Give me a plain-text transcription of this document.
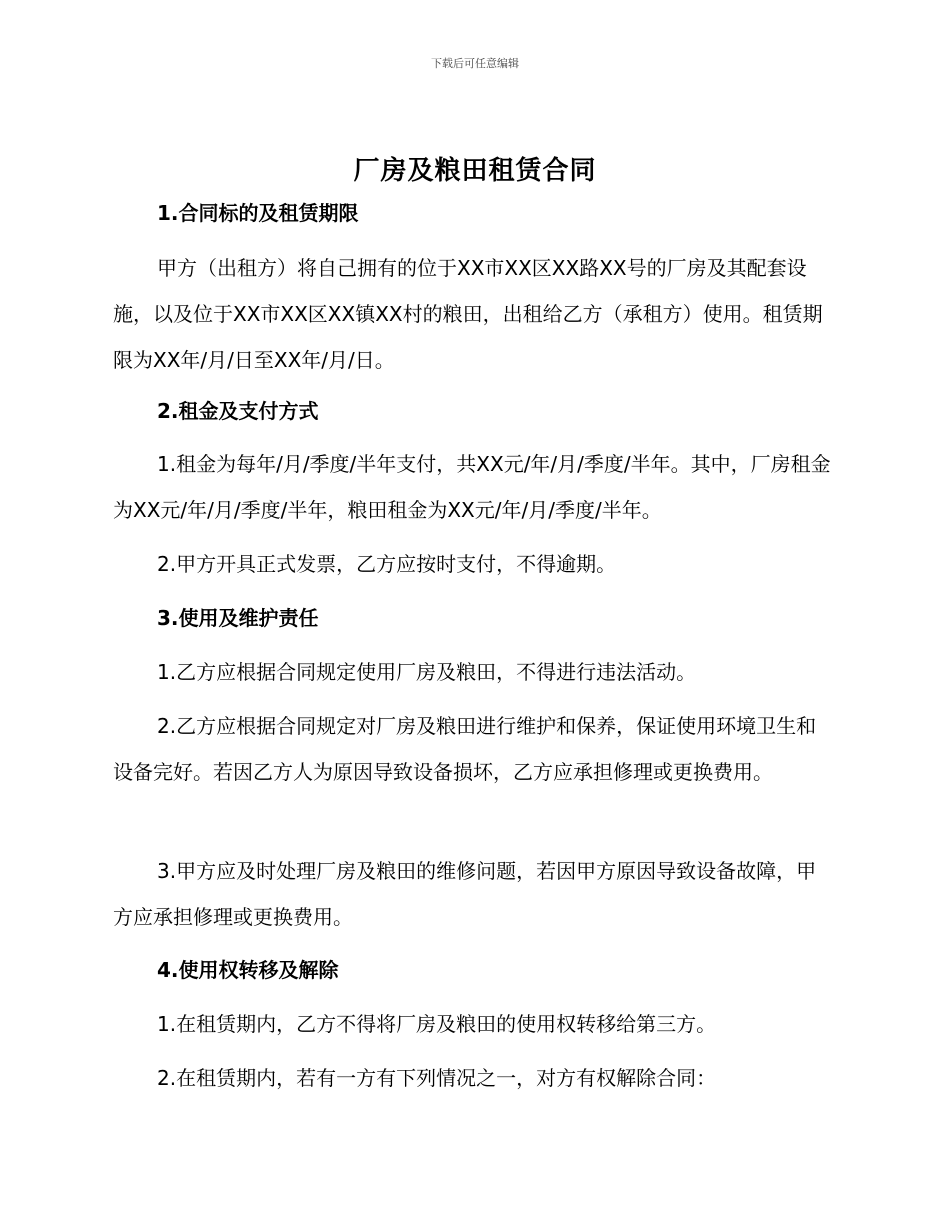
下载后可任意编辑
厂房及粮田租赁合同
1.合同标的及租赁期限

甲方（出租方）将自己拥有的位于XX市XX区XX路XX号的厂房及其配套设施，以及位于XX市XX区XX镇XX村的粮田，出租给乙方（承租方）使用。租赁期限为XX年/月/日至XX年/月/日。

2.租金及支付方式

1.租金为每年/月/季度/半年支付，共XX元/年/月/季度/半年。其中，厂房租金为XX元/年/月/季度/半年，粮田租金为XX元/年/月/季度/半年。

2.甲方开具正式发票，乙方应按时支付，不得逾期。

3.使用及维护责任

1.乙方应根据合同规定使用厂房及粮田，不得进行违法活动。

2.乙方应根据合同规定对厂房及粮田进行维护和保养，保证使用环境卫生和设备完好。若因乙方人为原因导致设备损坏，乙方应承担修理或更换费用。

3.甲方应及时处理厂房及粮田的维修问题，若因甲方原因导致设备故障，甲方应承担修理或更换费用。

4.使用权转移及解除

1.在租赁期内，乙方不得将厂房及粮田的使用权转移给第三方。

2.在租赁期内，若有一方有下列情况之一，对方有权解除合同：
